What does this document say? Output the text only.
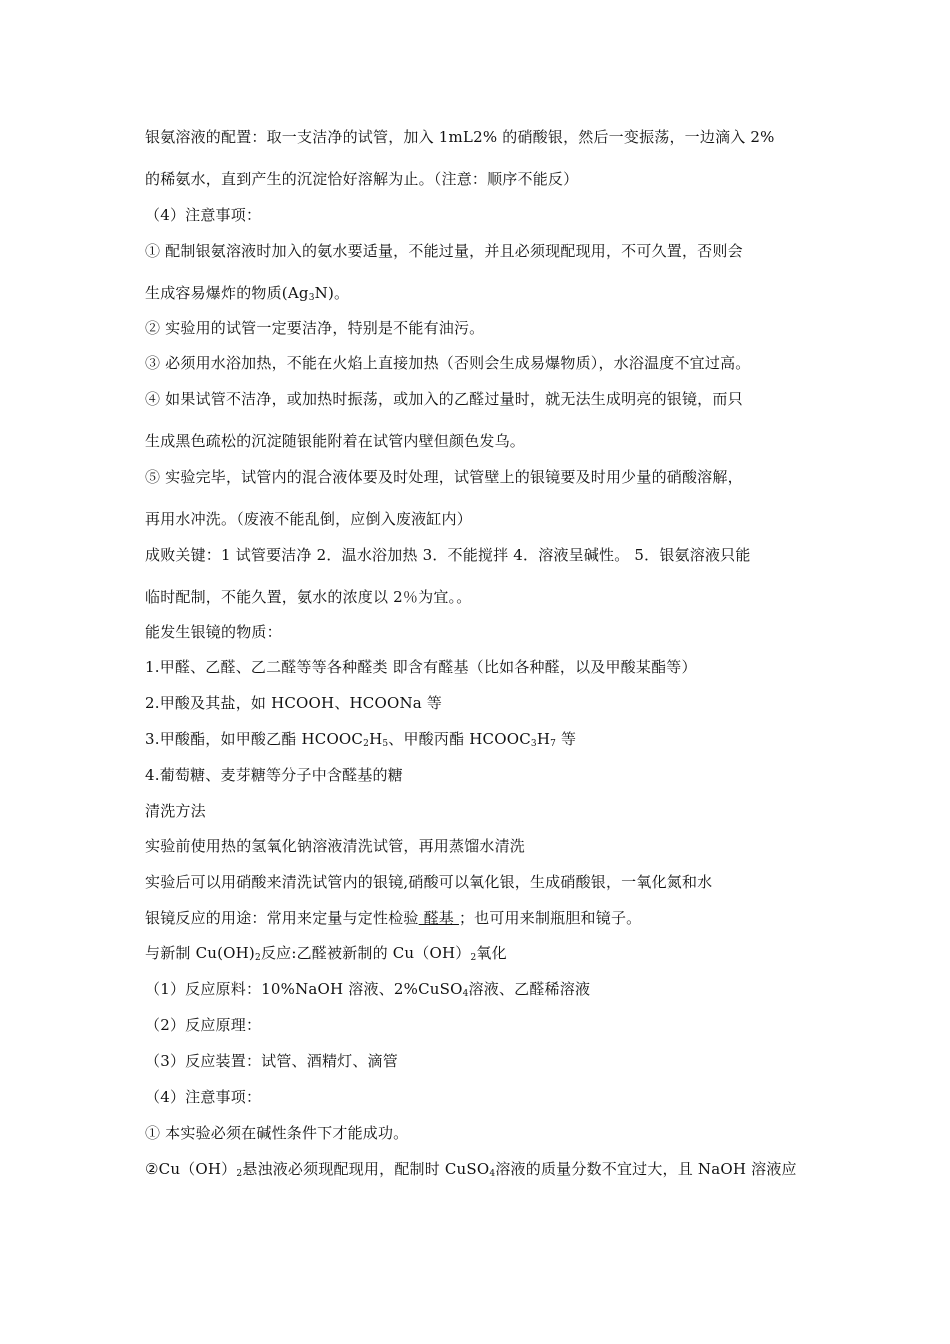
银氨溶液的配置：取一支洁净的试管，加入 1mL2% 的硝酸银，然后一变振荡，一边滴入 2%
的稀氨水，直到产生的沉淀恰好溶解为止。（注意：顺序不能反）
（4）注意事项：
① 配制银氨溶液时加入的氨水要适量，不能过量，并且必须现配现用，不可久置，否则会
生成容易爆炸的物质$(Ag_3N)$。
② 实验用的试管一定要洁净，特别是不能有油污。
③ 必须用水浴加热，不能在火焰上直接加热（否则会生成易爆物质），水浴温度不宜过高。
④ 如果试管不洁净，或加热时振荡，或加入的乙醛过量时，就无法生成明亮的银镜，而只
生成黑色疏松的沉淀随银能附着在试管内壁但颜色发乌。
⑤ 实验完毕，试管内的混合液体要及时处理，试管壁上的银镜要及时用少量的硝酸溶解，
再用水冲洗。（废液不能乱倒，应倒入废液缸内）
成败关键：1 试管要洁净 2．温水浴加热 3．不能搅拌 4．溶液呈碱性。 5．银氨溶液只能
临时配制，不能久置，氨水的浓度以 2％为宜。。
能发生银镜的物质：
1.甲醛、乙醛、乙二醛等等各种醛类 即含有醛基（比如各种醛，以及甲酸某酯等）
2.甲酸及其盐，如 HCOOH、HCOONa 等
3.甲酸酯，如甲酸乙酯 $HCOOC_2H_5$、甲酸丙酯 $HCOOC_3H_7$ 等
4.葡萄糖、麦芽糖等分子中含醛基的糖
清洗方法
实验前使用热的氢氧化钠溶液清洗试管，再用蒸馏水清洗
实验后可以用硝酸来清洗试管内的银镜,硝酸可以氧化银，生成硝酸银，一氧化氮和水
银镜反应的用途：常用来定量与定性检验 醛基 ；也可用来制瓶胆和镜子。
与新制 $Cu(OH)_2$反应:乙醛被新制的 $Cu(OH)_2$氧化
（1）反应原料：10%NaOH 溶液、2%CuSO$_4$溶液、乙醛稀溶液
（2）反应原理：
（3）反应装置：试管、酒精灯、滴管
（4）注意事项：
① 本实验必须在碱性条件下才能成功。
$②Cu(OH)_2$悬浊液必须现配现用，配制时 CuSO$_4$溶液的质量分数不宜过大，且 NaOH 溶液应
